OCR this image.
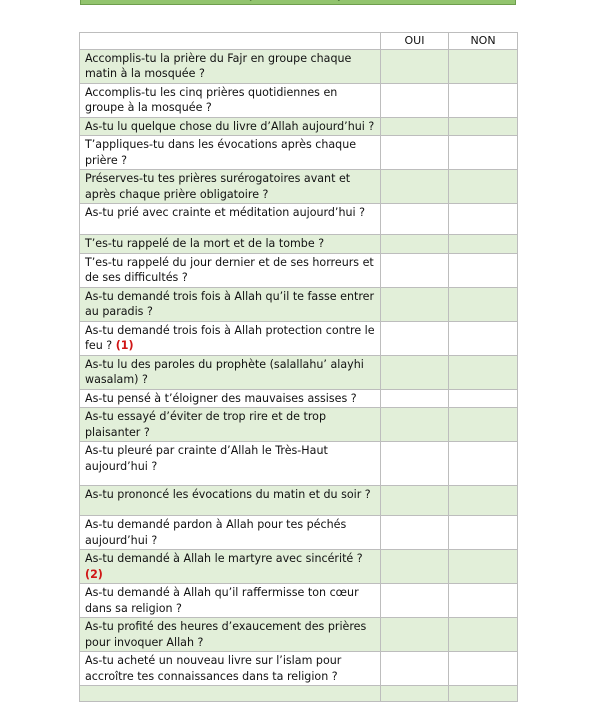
	OUI	NON
Accomplis-tu la prière du Fajr en groupe chaque matin à la mosquée ?		
Accomplis-tu les cinq prières quotidiennes en groupe à la mosquée ?		
As-tu lu quelque chose du livre d’Allah aujourd’hui ?		
T’appliques-tu dans les évocations après chaque prière ?		
Préserves-tu tes prières surérogatoires avant et après chaque prière obligatoire ?		
As-tu prié avec crainte et méditation aujourd’hui ?		
T’es-tu rappelé de la mort et de la tombe ?		
T’es-tu rappelé du jour dernier et de ses horreurs et de ses difficultés ?		
As-tu demandé trois fois à Allah qu’il te fasse entrer au paradis ?		
As-tu demandé trois fois à Allah protection contre le feu ? (1)		
As-tu lu des paroles du prophète (salallahu’ alayhi wasalam) ?		
As-tu pensé à t’éloigner des mauvaises assises ?		
As-tu essayé d’éviter de trop rire et de trop plaisanter ?		
As-tu pleuré par crainte d’Allah le Très-Haut aujourd’hui ?		
As-tu prononcé les évocations du matin et du soir ?		
As-tu demandé pardon à Allah pour tes péchés aujourd’hui ?		
As-tu demandé à Allah le martyre avec sincérité ? (2)		
As-tu demandé à Allah qu’il raffermisse ton cœur dans sa religion ?		
As-tu profité des heures d’exaucement des prières pour invoquer Allah ?		
As-tu acheté un nouveau livre sur l’islam pour accroître tes connaissances dans ta religion ?		
